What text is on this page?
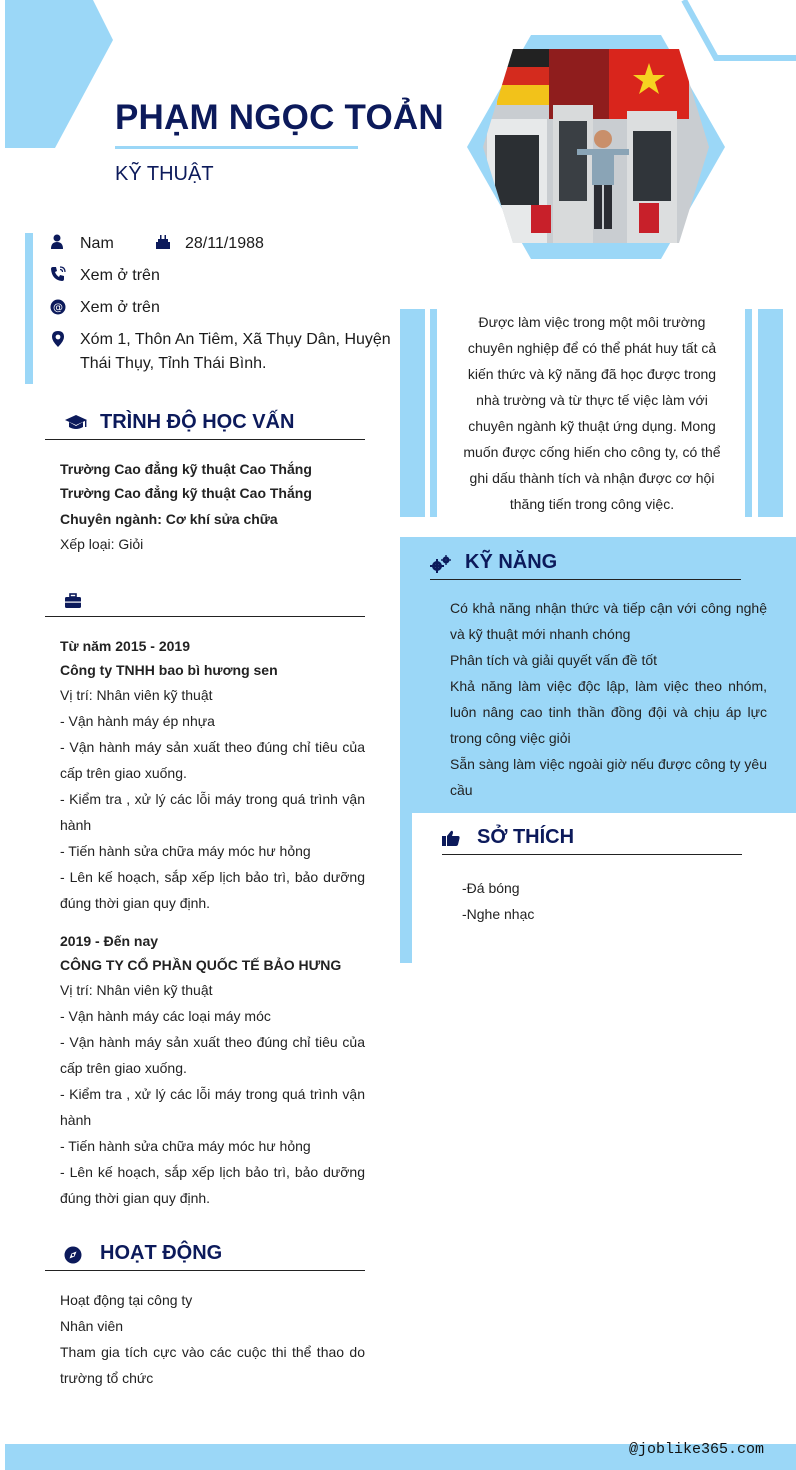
PHẠM NGỌC TOẢN
KỸ THUẬT
Nam	28/11/1988
Xem ở trên
@ Xem ở trên
Xóm 1, Thôn An Tiêm, Xã Thụy Dân, Huyện
Thái Thụy, Tỉnh Thái Bình.
Được làm việc trong một môi trường
chuyên nghiệp để có thể phát huy tất cả
kiến thức và kỹ năng đã học được trong
nhà trường và từ thực tế việc làm với
chuyên ngành kỹ thuật ứng dụng. Mong
muốn được cống hiến cho công ty, có thể
ghi dấu thành tích và nhận được cơ hội
thăng tiến trong công việc.
TRÌNH ĐỘ HỌC VẤN
Trường Cao đẳng kỹ thuật Cao Thắng
Trường Cao đẳng kỹ thuật Cao Thắng
Chuyên ngành: Cơ khí sửa chữa
Xếp loại: Giỏi
Từ năm 2015 - 2019
Công ty TNHH bao bì hương sen
Vị trí: Nhân viên kỹ thuật
- Vận hành máy ép nhựa
- Vận hành máy sản xuất theo đúng chỉ tiêu của cấp trên giao xuống.
- Kiểm tra , xử lý các lỗi máy trong quá trình vận hành
- Tiến hành sửa chữa máy móc hư hỏng
- Lên kế hoạch, sắp xếp lịch bảo trì, bảo dưỡng đúng thời gian quy định.
2019 - Đến nay
CÔNG TY CỔ PHẦN QUỐC TẾ BẢO HƯNG
Vị trí: Nhân viên kỹ thuật
- Vận hành máy các loại máy móc
- Vận hành máy sản xuất theo đúng chỉ tiêu của cấp trên giao xuống.
- Kiểm tra , xử lý các lỗi máy trong quá trình vận hành
- Tiến hành sửa chữa máy móc hư hỏng
- Lên kế hoạch, sắp xếp lịch bảo trì, bảo dưỡng đúng thời gian quy định.
HOẠT ĐỘNG
Hoạt động tại công ty
Nhân viên
Tham gia tích cực vào các cuộc thi thể thao do trường tổ chức
KỸ NĂNG
Có khả năng nhận thức và tiếp cận với công nghệ và kỹ thuật mới nhanh chóng
Phân tích và giải quyết vấn đề tốt
Khả năng làm việc độc lập, làm việc theo nhóm, luôn nâng cao tinh thần đồng đội và chịu áp lực trong công việc giỏi
Sẵn sàng làm việc ngoài giờ nếu được công ty yêu cầu
SỞ THÍCH
-Đá bóng
-Nghe nhạc
@joblike365.com
